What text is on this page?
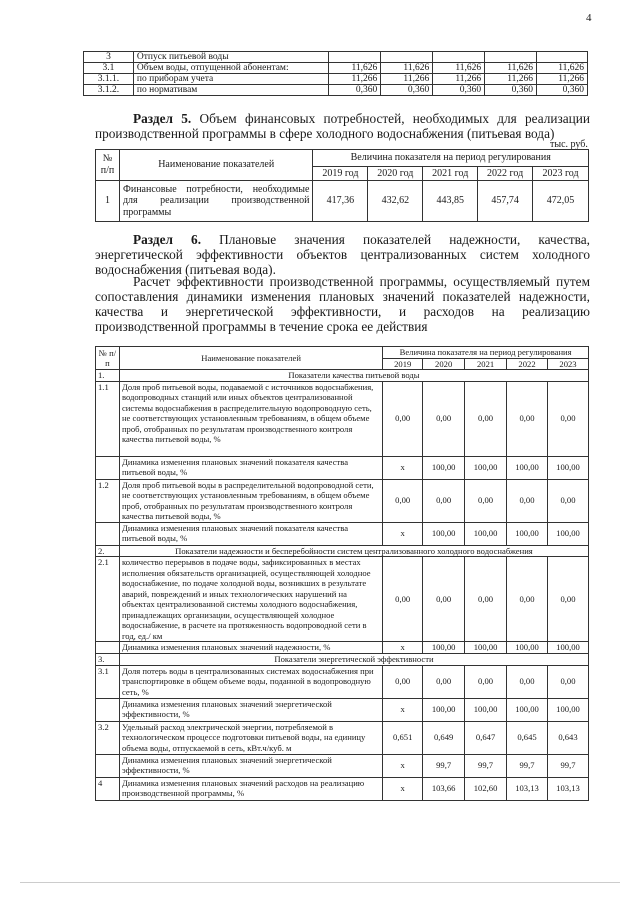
4
3	Отпуск питьевой воды					
3.1	Объем воды, отпущенной абонентам:	11,626	11,626	11,626	11,626	11,626
3.1.1.	по приборам учета	11,266	11,266	11,266	11,266	11,266
3.1.2.	по нормативам	0,360	0,360	0,360	0,360	0,360
Раздел 5. Объем финансовых потребностей, необходимых для реализации производственной программы в сфере холодного водоснабжения (питьевая вода)
тыс. руб.
№ п/п	Наименование показателей	Величина показателя на период регулирования				
		2019 год	2020 год	2021 год	2022 год	2023 год
1	Финансовые потребности, необходимые для реализации производственной программы	417,36	432,62	443,85	457,74	472,05
Раздел 6. Плановые значения показателей надежности, качества, энергетической эффективности объектов централизованных систем холодного водоснабжения (питьевая вода).
Расчет эффективности производственной программы, осуществляемый путем сопоставления динамики изменения плановых значений показателей надежности, качества и энергетической эффективности, и расходов на реализацию производственной программы в течение срока ее действия
№ п/п	Наименование показателей	Величина показателя на период регулирования				
		2019	2020	2021	2022	2023
1.	Показатели качества питьевой воды					
1.1	Доля проб питьевой воды, подаваемой с источников водоснабжения, водопроводных станций или иных объектов централизованной системы водоснабжения в распределительную водопроводную сеть, не соответствующих установленным требованиям, в общем объеме проб, отобранных по результатам производственного контроля качества питьевой воды, %	0,00	0,00	0,00	0,00	0,00
	Динамика изменения плановых значений показателя качества питьевой воды, %	х	100,00	100,00	100,00	100,00
1.2	Доля проб питьевой воды в распределительной водопроводной сети, не соответствующих установленным требованиям, в общем объеме проб, отобранных по результатам производственного контроля качества питьевой воды, %	0,00	0,00	0,00	0,00	0,00
	Динамика изменения плановых значений показателя качества питьевой воды, %	х	100,00	100,00	100,00	100,00
2.	Показатели надежности и бесперебойности систем централизованного холодного водоснабжения					
2.1	количество перерывов в подаче воды, зафиксированных в местах исполнения обязательств организацией, осуществляющей холодное водоснабжение, по подаче холодной воды, возникших в результате аварий, повреждений и иных технологических нарушений на объектах централизованной системы холодного водоснабжения, принадлежащих организации, осуществляющей холодное водоснабжение, в расчете на протяженность водопроводной сети в год, ед./ км	0,00	0,00	0,00	0,00	0,00
	Динамика изменения плановых значений надежности, %	х	100,00	100,00	100,00	100,00
3.	Показатели энергетической эффективности					
3.1	Доля потерь воды в централизованных системах водоснабжения при транспортировке в общем объеме воды, поданной в водопроводную сеть, %	0,00	0,00	0,00	0,00	0,00
	Динамика изменения плановых значений энергетической эффективности, %	х	100,00	100,00	100,00	100,00
3.2	Удельный расход электрической энергии, потребляемой в технологическом процессе подготовки питьевой воды, на единицу объема воды, отпускаемой в сеть, кВт.ч/куб. м	0,651	0,649	0,647	0,645	0,643
	Динамика изменения плановых значений энергетической эффективности, %	х	99,7	99,7	99,7	99,7
4	Динамика изменения плановых значений расходов на реализацию производственной программы, %	х	103,66	102,60	103,13	103,13
